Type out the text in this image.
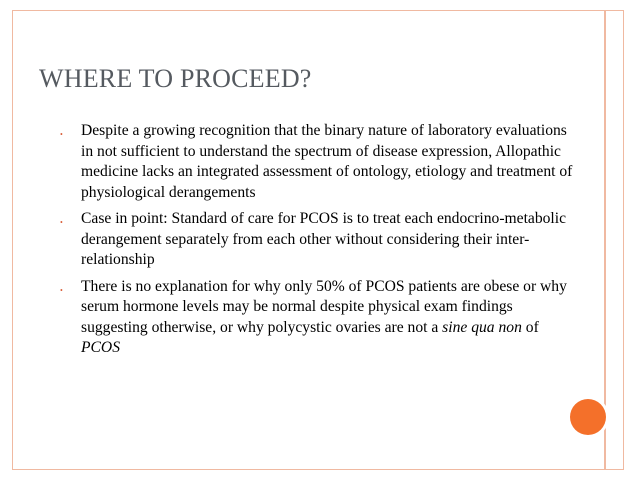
WHERE TO PROCEED?
• Despite a growing recognition that the binary nature of laboratory evaluations in not sufficient to understand the spectrum of disease expression, Allopathic medicine lacks an integrated assessment of ontology, etiology and treatment of physiological derangements
• Case in point: Standard of care for PCOS is to treat each endocrino-metabolic derangement separately from each other without considering their inter-relationship
• There is no explanation for why only 50% of PCOS patients are obese or why serum hormone levels may be normal despite physical exam findings suggesting otherwise, or why polycystic ovaries are not a sine qua non of PCOS
